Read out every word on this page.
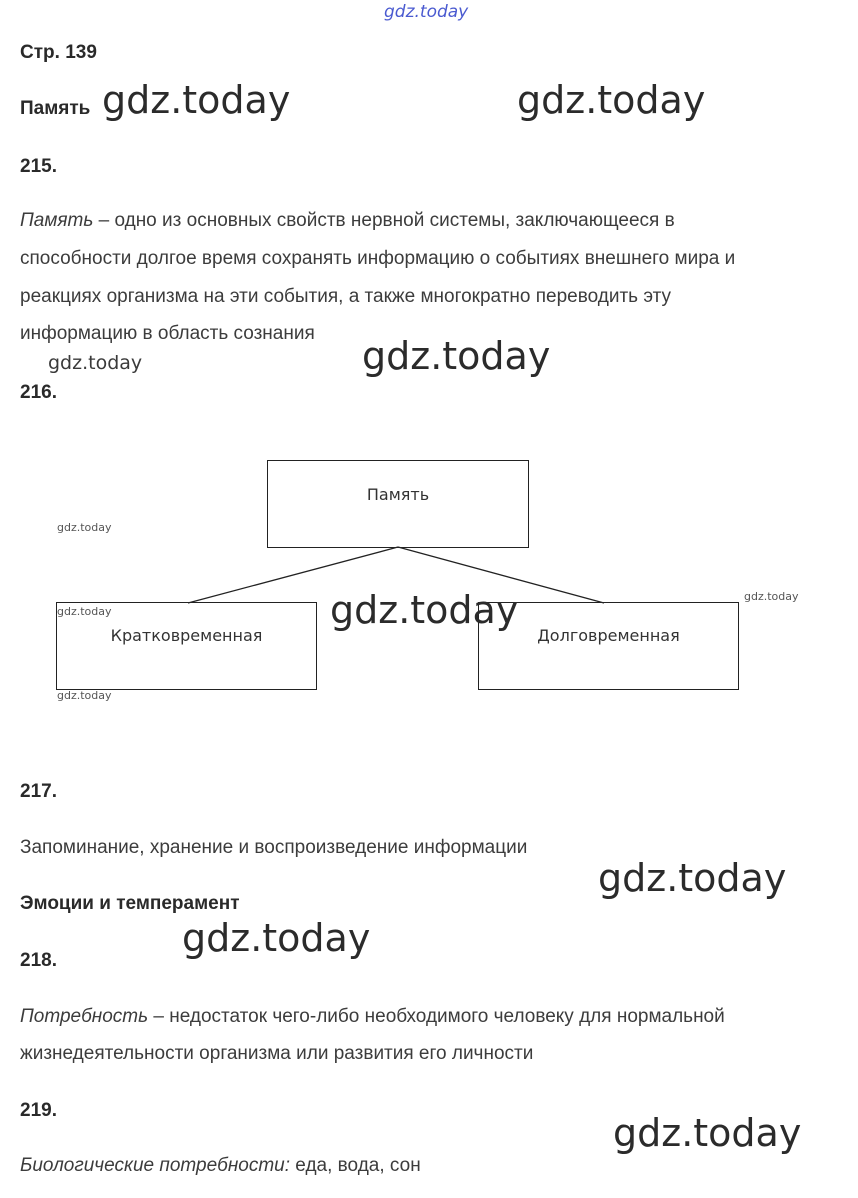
gdz.today
Стр. 139
Память gdz.today	gdz.today
215.
Память – одно из основных свойств нервной системы, заключающееся в
способности долгое время сохранять информацию о событиях внешнего мира и
реакциях организма на эти события, а также многократно переводить эту
информацию в область сознания
gdz.today
gdz.today
216.
Память
Кратковременная	Долговременная
gdz.today
gdz.today
gdz.today
gdz.today
gdz.today
217.
Запоминание, хранение и воспроизведение информации
gdz.today
Эмоции и темперамент
gdz.today
218.
Потребность – недостаток чего-либо необходимого человеку для нормальной
жизнедеятельности организма или развития его личности
219.
gdz.today
Биологические потребности: еда, вода, сон
